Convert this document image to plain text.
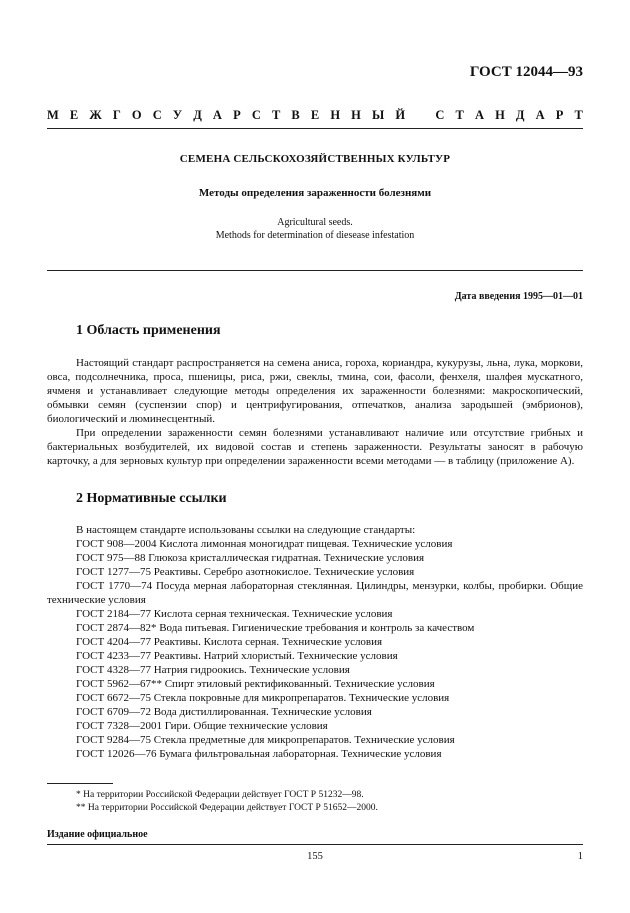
ГОСТ 12044—93
М Е Ж Г О С У Д А Р С Т В Е Н Н Ы Й С Т А Н Д А Р Т
СЕМЕНА СЕЛЬСКОХОЗЯЙСТВЕННЫХ КУЛЬТУР
Методы определения зараженности болезнями
Agricultural seeds.
Methods for determination of diesease infestation
Дата введения 1995—01—01
1 Область применения

Настоящий стандарт распространяется на семена аниса, гороха, кориандра, кукурузы, льна, лука, моркови, овса, подсолнечника, проса, пшеницы, риса, ржи, свеклы, тмина, сои, фасоли, фенхеля, шалфея мускатного, ячменя и устанавливает следующие методы определения их зараженности болезнями: макроскопический, обмывки семян (суспензии спор) и центрифугирования, отпечатков, анализа зародышей (эмбрионов), биологический и люминесцентный.

При определении зараженности семян болезнями устанавливают наличие или отсутствие грибных и бактериальных возбудителей, их видовой состав и степень зараженности. Результаты заносят в рабочую карточку, а для зерновых культур при определении зараженности всеми методами — в таблицу (приложение А).

2 Нормативные ссылки
В настоящем стандарте использованы ссылки на следующие стандарты:
ГОСТ 908—2004 Кислота лимонная моногидрат пищевая. Технические условия
ГОСТ 975—88 Глюкоза кристаллическая гидратная. Технические условия
ГОСТ 1277—75 Реактивы. Серебро азотнокислое. Технические условия

ГОСТ 1770—74 Посуда мерная лабораторная стеклянная. Цилиндры, мензурки, колбы, пробирки. Общие технические условия

ГОСТ 2184—77 Кислота серная техническая. Технические условия
ГОСТ 2874—82* Вода питьевая. Гигиенические требования и контроль за качеством
ГОСТ 4204—77 Реактивы. Кислота серная. Технические условия
ГОСТ 4233—77 Реактивы. Натрий хлористый. Технические условия
ГОСТ 4328—77 Натрия гидроокись. Технические условия
ГОСТ 5962—67** Спирт этиловый ректификованный. Технические условия
ГОСТ 6672—75 Стекла покровные для микропрепаратов. Технические условия
ГОСТ 6709—72 Вода дистиллированная. Технические условия
ГОСТ 7328—2001 Гири. Общие технические условия
ГОСТ 9284—75 Стекла предметные для микропрепаратов. Технические условия
ГОСТ 12026—76 Бумага фильтровальная лабораторная. Технические условия
* На территории Российской Федерации действует ГОСТ Р 51232—98.
** На территории Российской Федерации действует ГОСТ Р 51652—2000.
Издание официальное
155	1
